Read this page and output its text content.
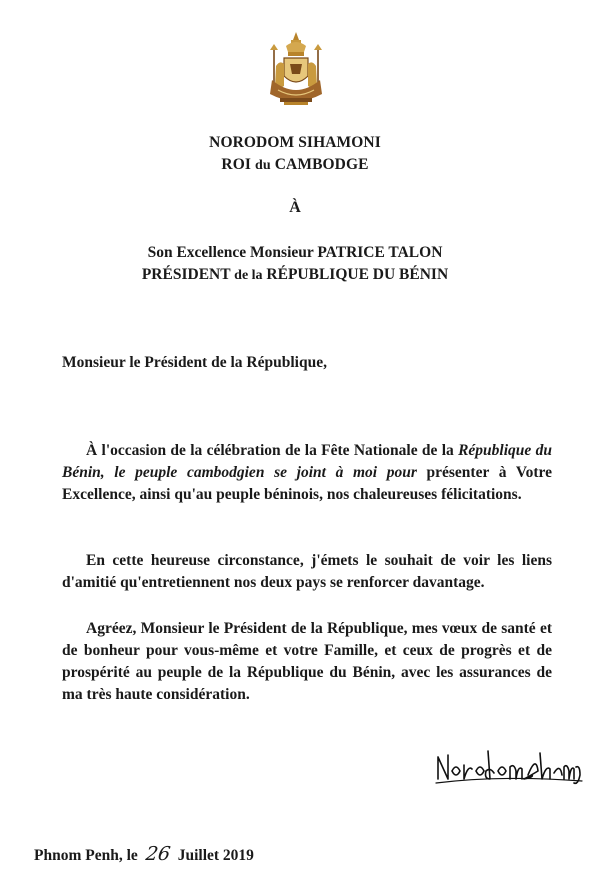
NORODOM SIHAMONI
ROI du CAMBODGE
À
Son Excellence Monsieur PATRICE TALON
PRÉSIDENT de la RÉPUBLIQUE DU BÉNIN
Monsieur le Président de la République,
À l'occasion de la célébration de la Fête Nationale de la République du Bénin, le peuple cambodgien se joint à moi pour présenter à Votre Excellence, ainsi qu'au peuple béninois, nos chaleureuses félicitations.
En cette heureuse circonstance, j'émets le souhait de voir les liens d'amitié qu'entretiennent nos deux pays se renforcer davantage.
Agréez, Monsieur le Président de la République, mes vœux de santé et de bonheur pour vous-même et votre Famille, et ceux de progrès et de prospérité au peuple de la République du Bénin, avec les assurances de ma très haute considération.
Phnom Penh, le 26 Juillet 2019
